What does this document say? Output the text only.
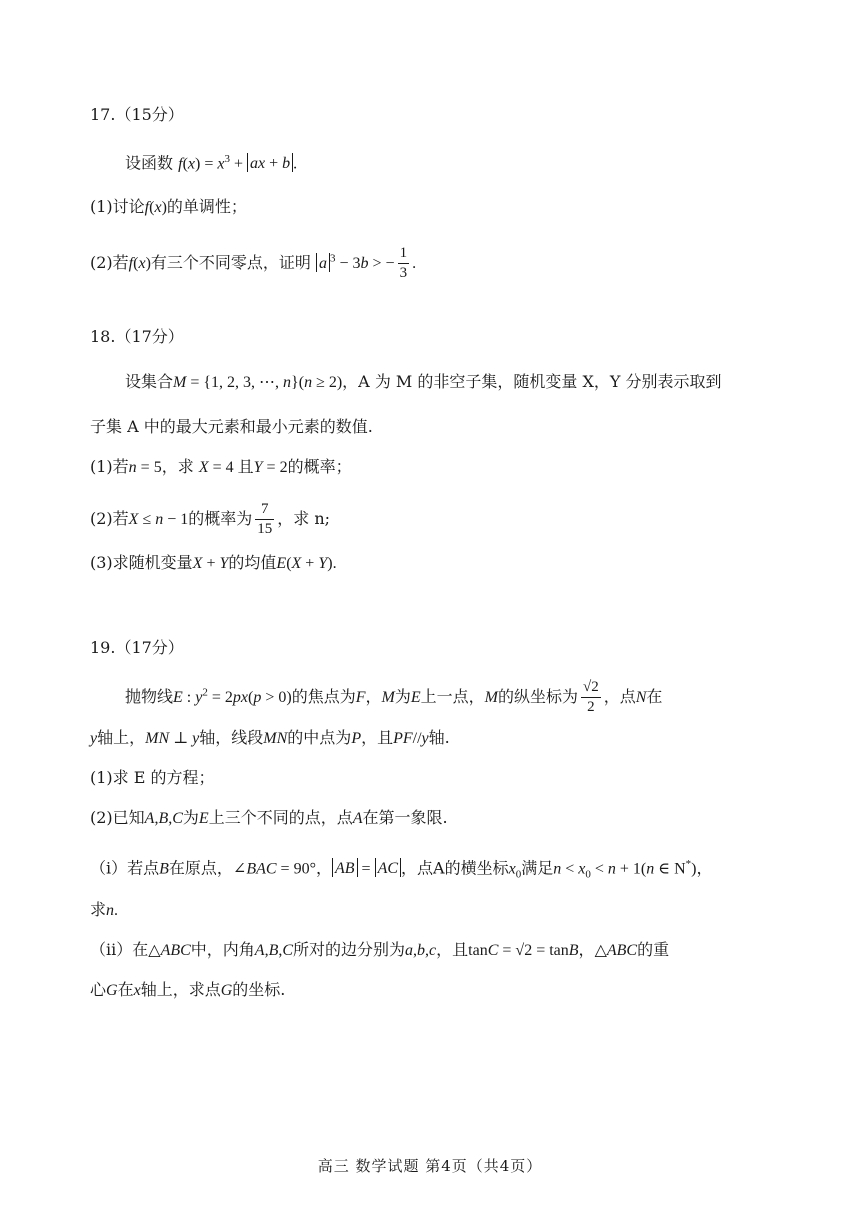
17.（15分）
设函数 $f(x) = x^3$ + ax + b .
(1)讨论f(x)的单调性；
(2)若f(x)有三个不同零点，证明 a $^3$ − 3b > − $\frac{1}{3}$ .
18.（17分）
设集合M = {1, 2, 3, ⋯, n}(n ≥ 2)，A 为 M 的非空子集，随机变量 X，Y 分别表示取到
子集 A 中的最大元素和最小元素的数值.
(1)若n = 5，求 X = 4 且Y = 2的概率；
(2)若X ≤ n − 1的概率为 $\frac{7}{15}$ ，求 n;
(3)求随机变量X + Y的均值E(X + Y).
19.（17分）
抛物线E : $y^2 = 2px(p > 0)$的焦点为F，M为E上一点，M的纵坐标为 $\frac{√2}{2}$ ，点N在
y轴上，MN ⊥ y轴，线段MN的中点为P，且PF//y轴.
(1)求 E 的方程；
(2)已知A,B,C为E上三个不同的点，点A在第一象限.
（i）若点B在原点，∠BAC = 90°， AB = AC ，点A的横坐标$x_0$满足$n < x_0 < n + 1(n$ ∈ N*)，
求n.
（ii）在△ABC中，内角A,B,C所对的边分别为a,b,c，且tanC = √2 = tanB，△ABC的重
心G在x轴上，求点G的坐标.
高三 数学试题 第4页（共4页）
